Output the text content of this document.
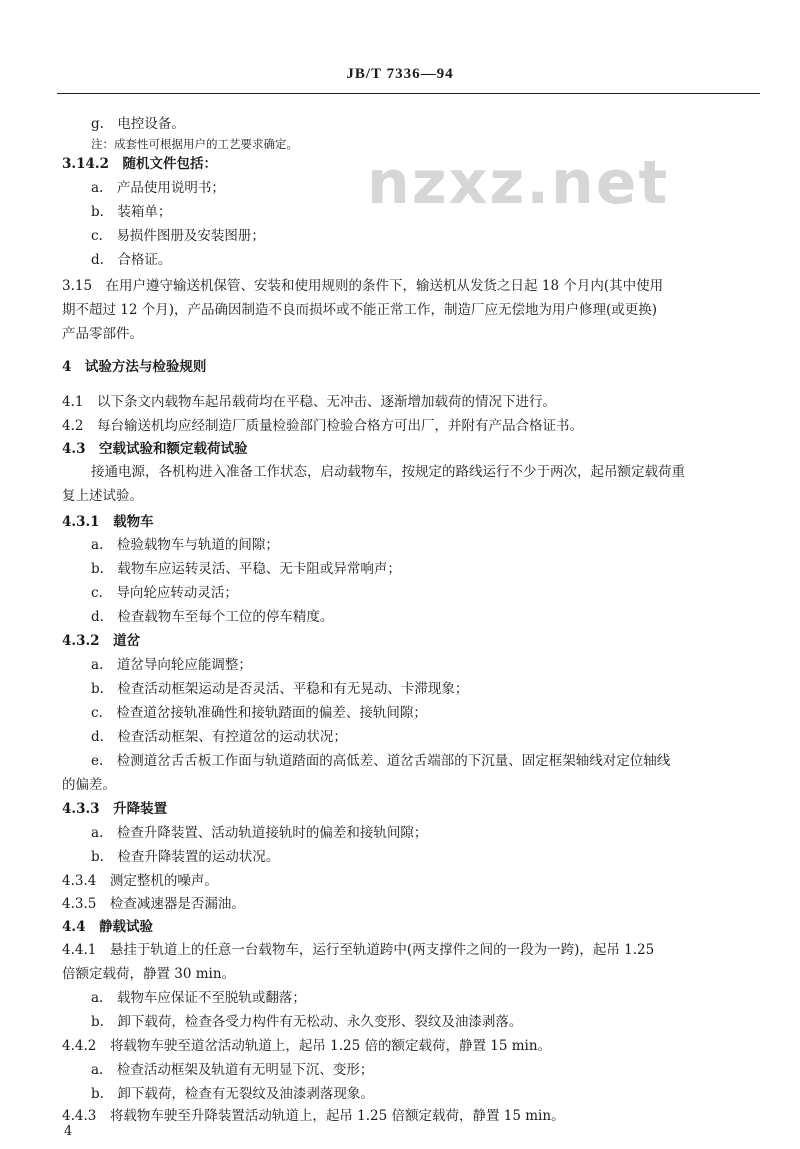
JB/T 7336—94
nzxz.net
g.　电控设备。
注：成套性可根据用户的工艺要求确定。
3.14.2　随机文件包括：
a.　产品使用说明书；
b.　装箱单；
c.　易损件图册及安装图册；
d.　合格证。
3.15　在用户遵守输送机保管、安装和使用规则的条件下，输送机从发货之日起 18 个月内(其中使用
期不超过 12 个月)，产品确因制造不良而损坏或不能正常工作，制造厂应无偿地为用户修理(或更换)
产品零部件。
4　试验方法与检验规则
4.1　以下条文内载物车起吊载荷均在平稳、无冲击、逐渐增加载荷的情况下进行。
4.2　每台输送机均应经制造厂质量检验部门检验合格方可出厂，并附有产品合格证书。
4.3　空载试验和额定载荷试验
接通电源，各机构进入准备工作状态，启动载物车，按规定的路线运行不少于两次，起吊额定载荷重
复上述试验。
4.3.1　载物车
a.　检验载物车与轨道的间隙；
b.　载物车应运转灵活、平稳、无卡阻或异常响声；
c.　导向轮应转动灵活；
d.　检查载物车至每个工位的停车精度。
4.3.2　道岔
a.　道岔导向轮应能调整；
b.　检查活动框架运动是否灵活、平稳和有无晃动、卡滞现象；
c.　检查道岔接轨准确性和接轨踏面的偏差、接轨间隙；
d.　检查活动框架、有控道岔的运动状况；
e.　检测道岔舌舌板工作面与轨道踏面的高低差、道岔舌端部的下沉量、固定框架轴线对定位轴线
的偏差。
4.3.3　升降装置
a.　检查升降装置、活动轨道接轨时的偏差和接轨间隙；
b.　检查升降装置的运动状况。
4.3.4　测定整机的噪声。
4.3.5　检查减速器是否漏油。
4.4　静载试验
4.4.1　悬挂于轨道上的任意一台载物车，运行至轨道跨中(两支撑件之间的一段为一跨)，起吊 1.25
倍额定载荷，静置 30 min。
a.　载物车应保证不至脱轨或翻落；
b.　卸下载荷，检查各受力构件有无松动、永久变形、裂纹及油漆剥落。
4.4.2　将载物车驶至道岔活动轨道上，起吊 1.25 倍的额定载荷，静置 15 min。
a.　检查活动框架及轨道有无明显下沉、变形；
b.　卸下载荷，检查有无裂纹及油漆剥落现象。
4.4.3　将载物车驶至升降装置活动轨道上，起吊 1.25 倍额定载荷，静置 15 min。
4
